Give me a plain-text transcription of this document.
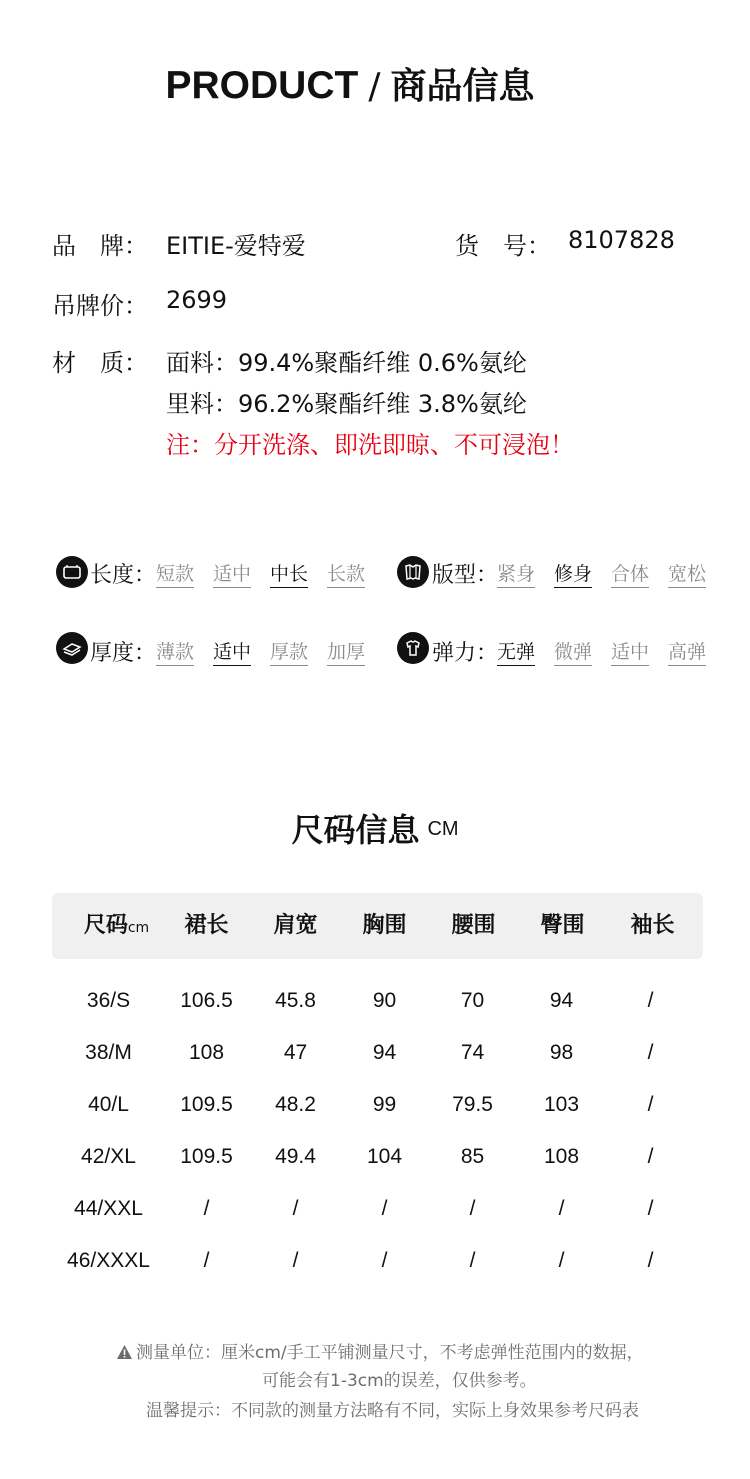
PRODUCT / 商品信息
品　牌： EITIE-爱特爱	货　号： 8107828
吊牌价： 2699
材　质： 面料：99.4%聚酯纤维 0.6%氨纶
里料：96.2%聚酯纤维 3.8%氨纶
注：分开洗涤、即洗即晾、不可浸泡！
长度： 短款 适中 中长 长款	版型：
紧身 修身 合体 宽松
厚度： 薄款 适中 厚款 加厚	弹力：
无弹 微弹 适中 高弹
尺码信息 CM
尺码cm	裙长	肩宽	胸围	腰围	臀围	袖长
36/S	106.5	45.8	90	70	94	/
38/M	108	47	94	74	98	/
40/L	109.5	48.2	99	79.5	103	/
42/XL	109.5	49.4	104	85	108	/
44/XXL	/	/	/	/	/	/
46/XXXL	/	/	/	/	/	/
测量单位：厘米cm/手工平铺测量尺寸，不考虑弹性范围内的数据，
可能会有1-3cm的误差，仅供参考。
温馨提示：不同款的测量方法略有不同，实际上身效果参考尺码表
